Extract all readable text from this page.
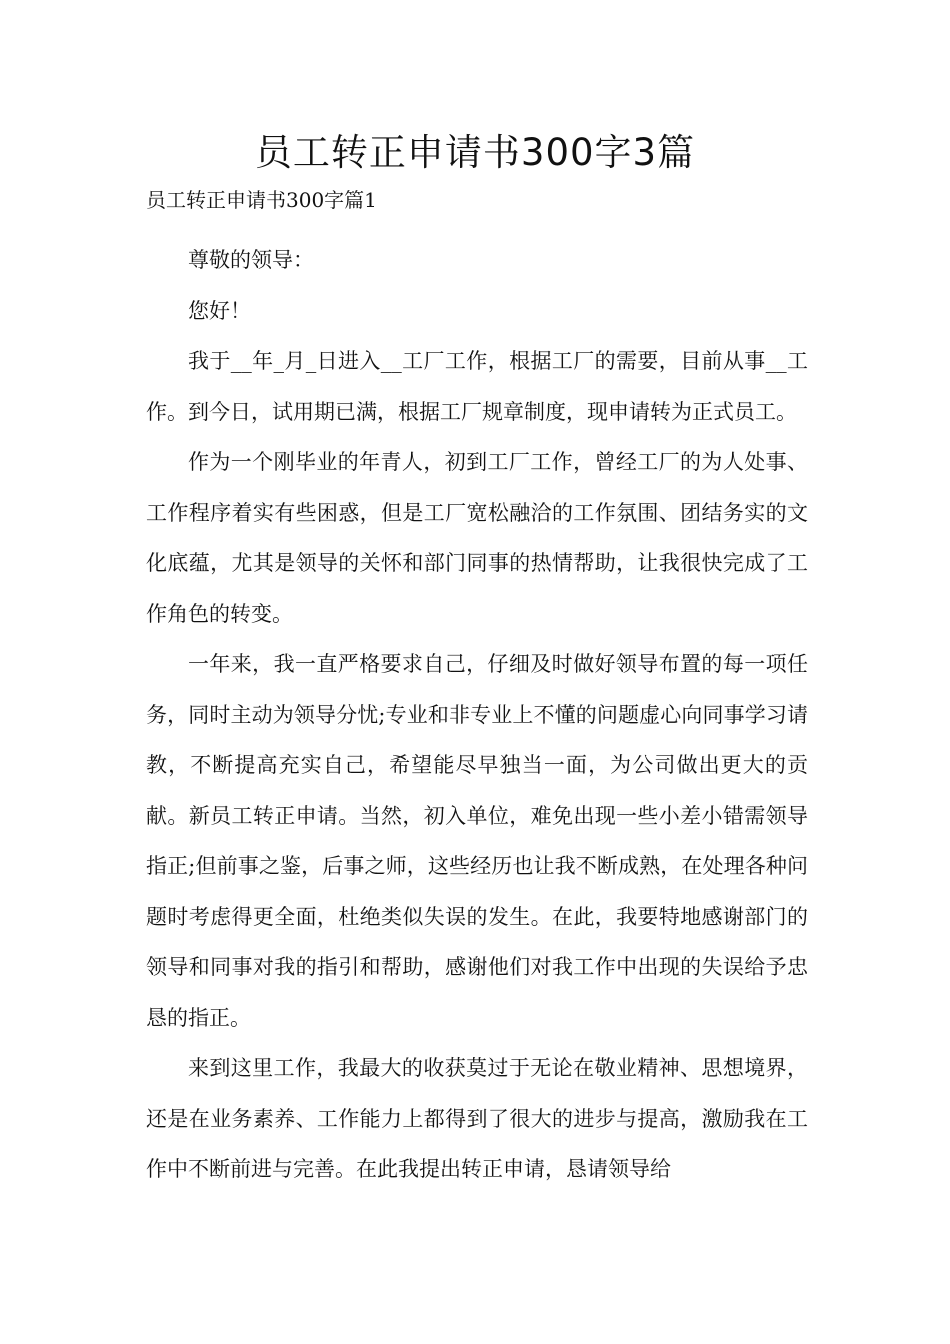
员工转正申请书300字3篇

员工转正申请书300字篇1

尊敬的领导：

您好！

我于__年_月_日进入__工厂工作，根据工厂的需要，目前从事__工作。到今日，试用期已满，根据工厂规章制度，现申请转为正式员工。

作为一个刚毕业的年青人，初到工厂工作，曾经工厂的为人处事、工作程序着实有些困惑，但是工厂宽松融洽的工作氛围、团结务实的文化底蕴，尤其是领导的关怀和部门同事的热情帮助，让我很快完成了工作角色的转变。

一年来，我一直严格要求自己，仔细及时做好领导布置的每一项任务，同时主动为领导分忧;专业和非专业上不懂的问题虚心向同事学习请教，不断提高充实自己，希望能尽早独当一面，为公司做出更大的贡献。新员工转正申请。当然，初入单位，难免出现一些小差小错需领导指正;但前事之鉴，后事之师，这些经历也让我不断成熟，在处理各种问题时考虑得更全面，杜绝类似失误的发生。在此，我要特地感谢部门的领导和同事对我的指引和帮助，感谢他们对我工作中出现的失误给予忠恳的指正。

来到这里工作，我最大的收获莫过于无论在敬业精神、思想境界，还是在业务素养、工作能力上都得到了很大的进步与提高，激励我在工作中不断前进与完善。在此我提出转正申请，恳请领导给
